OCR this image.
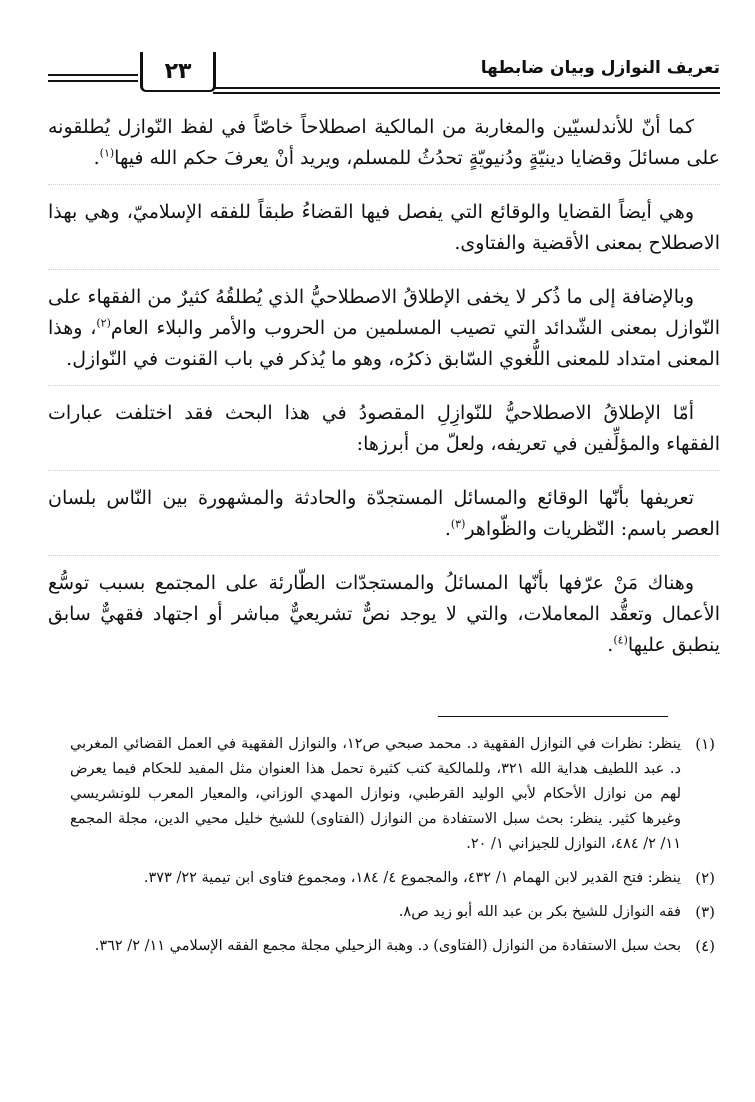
٢٣	تعريف النوازل وبيان ضابطها

كما أنّ للأندلسيّين والمغاربة من المالكية اصطلاحاً خاصّاً في لفظ النّوازل يُطلقونه على مسائلَ وقضايا دينيّةٍ ودُنيويّةٍ تحدُثُ للمسلم، ويريد أنْ يعرفَ حكم الله فيها$^{(١)}$.

وهي أيضاً القضايا والوقائع التي يفصل فيها القضاءُ طبقاً للفقه الإسلاميّ، وهي بهذا الاصطلاح بمعنى الأقضية والفتاوى.

وبالإضافة إلى ما ذُكر لا يخفى الإطلاقُ الاصطلاحيُّ الذي يُطلقُهُ كثيرٌ من الفقهاء على النّوازل بمعنى الشّدائد التي تصيب المسلمين من الحروب والأمر والبلاء العام$^{(٢)}$، وهذا المعنى امتداد للمعنى اللُّغوي السّابق ذكرُه، وهو ما يُذكر في باب القنوت في النّوازل.

أمّا الإطلاقُ الاصطلاحيُّ للنّوازِلِ المقصودُ في هذا البحث فقد اختلفت عبارات الفقهاء والمؤلِّفين في تعريفه، ولعلّ من أبرزها:

تعريفها بأنّها الوقائع والمسائل المستجدّة والحادثة والمشهورة بين النّاس بلسان العصر باسم: النّظريات والظّواهر$^{(٣)}$.

وهناك مَنْ عرّفها بأنّها المسائلُ والمستجدّات الطّارئة على المجتمع بسبب توسُّع الأعمال وتعقُّد المعاملات، والتي لا يوجد نصٌّ تشريعيٌّ مباشر أو اجتهاد فقهيٌّ سابق ينطبق عليها$^{(٤)}$.

(١)
ينظر: نظرات في النوازل الفقهية د. محمد صبحي ص١٢، والنوازل الفقهية في العمل القضائي المغربي د. عبد اللطيف هداية الله ٣٢١، وللمالكية كتب كثيرة تحمل هذا العنوان مثل المفيد للحكام فيما يعرض لهم من نوازل الأحكام لأبي الوليد القرطبي، ونوازل المهدي الوزاني، والمعيار المعرب للونشريسي وغيرها كثير. ينظر: بحث سبل الاستفادة من النوازل (الفتاوى) للشيخ خليل محيي الدين، مجلة المجمع ١١/ ٢/ ٤٨٤، النوازل للجيزاني ١/ ٢٠.
(٢)
ينظر: فتح القدير لابن الهمام ١/ ٤٣٢، والمجموع ٤/ ١٨٤، ومجموع فتاوى ابن تيمية ٢٢/ ٣٧٣.
(٣)
فقه النوازل للشيخ بكر بن عبد الله أبو زيد ص٨.
(٤)
بحث سبل الاستفادة من النوازل (الفتاوى) د. وهبة الزحيلي مجلة مجمع الفقه الإسلامي ١١/ ٢/ ٣٦٢.
